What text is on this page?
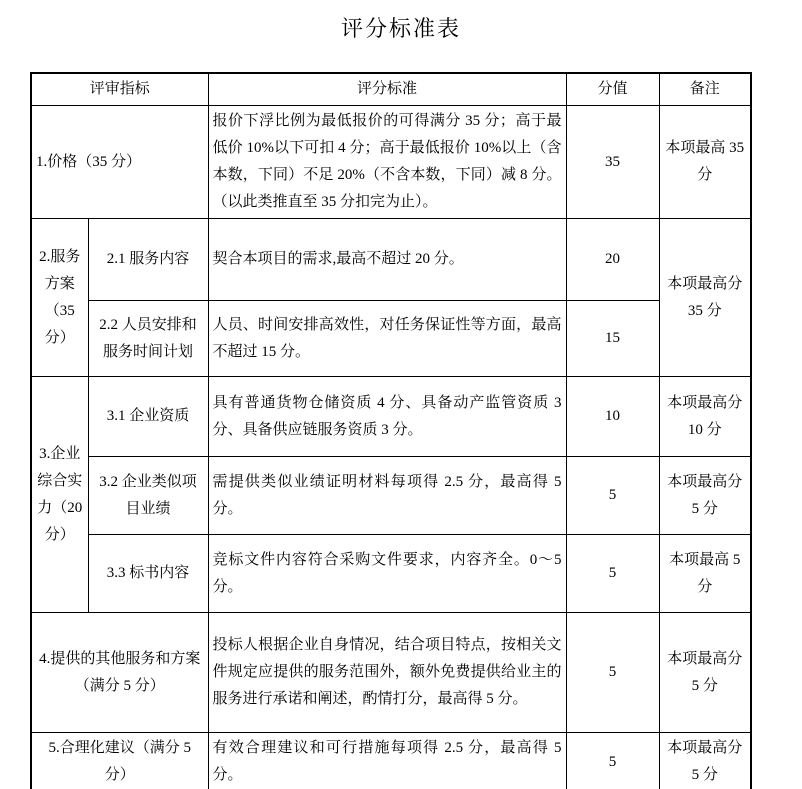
评分标准表
评审指标		评分标准	分值	备注
1.价格（35 分）		报价下浮比例为最低报价的可得满分 35 分；高于最低价 10%以下可扣 4 分；高于最低报价 10%以上（含本数，下同）不足 20%（不含本数，下同）减 8 分。（以此类推直至 35 分扣完为止）。	35	本项最高 35 分
2.服务方案（35 分）	2.1 服务内容	契合本项目的需求,最高不超过 20 分。	20	本项最高分 35 分
	2.2 人员安排和服务时间计划	人员、时间安排高效性，对任务保证性等方面，最高不超过 15 分。	15	
3.企业综合实力（20 分）	3.1 企业资质	具有普通货物仓储资质 4 分、具备动产监管资质 3 分、具备供应链服务资质 3 分。	10	本项最高分 10 分
	3.2 企业类似项目业绩	需提供类似业绩证明材料每项得 2.5 分，最高得 5 分。	5	本项最高分 5 分
	3.3 标书内容	竞标文件内容符合采购文件要求，内容齐全。0～5 分。	5	本项最高 5 分
4.提供的其他服务和方案（满分 5 分）		投标人根据企业自身情况，结合项目特点，按相关文件规定应提供的服务范围外，额外免费提供给业主的服务进行承诺和阐述，酌情打分，最高得 5 分。	5	本项最高分 5 分
5.合理化建议（满分 5 分）		有效合理建议和可行措施每项得 2.5 分，最高得 5 分。	5	本项最高分 5 分
